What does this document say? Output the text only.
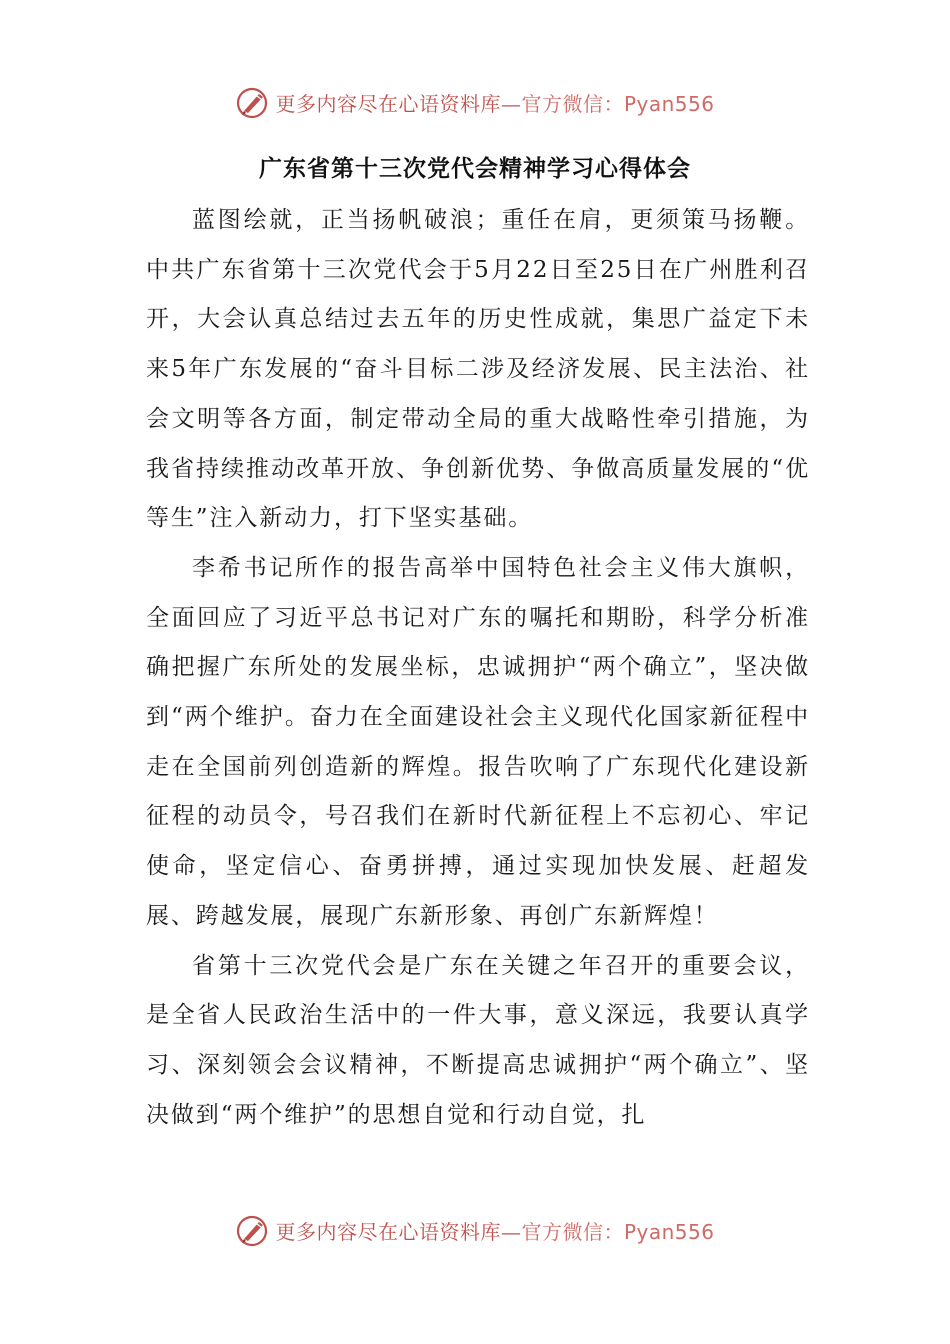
更多内容尽在心语资料库—官方微信：Pyan556
广东省第十三次党代会精神学习心得体会

蓝图绘就，正当扬帆破浪；重任在肩，更须策马扬鞭。中共广东省第十三次党代会于5月22日至25日在广州胜利召开，大会认真总结过去五年的历史性成就，集思广益定下未来5年广东发展的“奋斗目标二涉及经济发展、民主法治、社会文明等各方面，制定带动全局的重大战略性牵引措施，为我省持续推动改革开放、争创新优势、争做高质量发展的“优等生”注入新动力，打下坚实基础。

李希书记所作的报告高举中国特色社会主义伟大旗帜，全面回应了习近平总书记对广东的嘱托和期盼，科学分析准确把握广东所处的发展坐标，忠诚拥护“两个确立”，坚决做到“两个维护。奋力在全面建设社会主义现代化国家新征程中走在全国前列创造新的辉煌。报告吹响了广东现代化建设新征程的动员令，号召我们在新时代新征程上不忘初心、牢记使命，坚定信心、奋勇拼搏，通过实现加快发展、赶超发展、跨越发展，展现广东新形象、再创广东新辉煌！

省第十三次党代会是广东在关键之年召开的重要会议，是全省人民政治生活中的一件大事，意义深远，我要认真学习、深刻领会会议精神，不断提高忠诚拥护“两个确立”、坚决做到“两个维护”的思想自觉和行动自觉，扎

更多内容尽在心语资料库—官方微信：Pyan556
